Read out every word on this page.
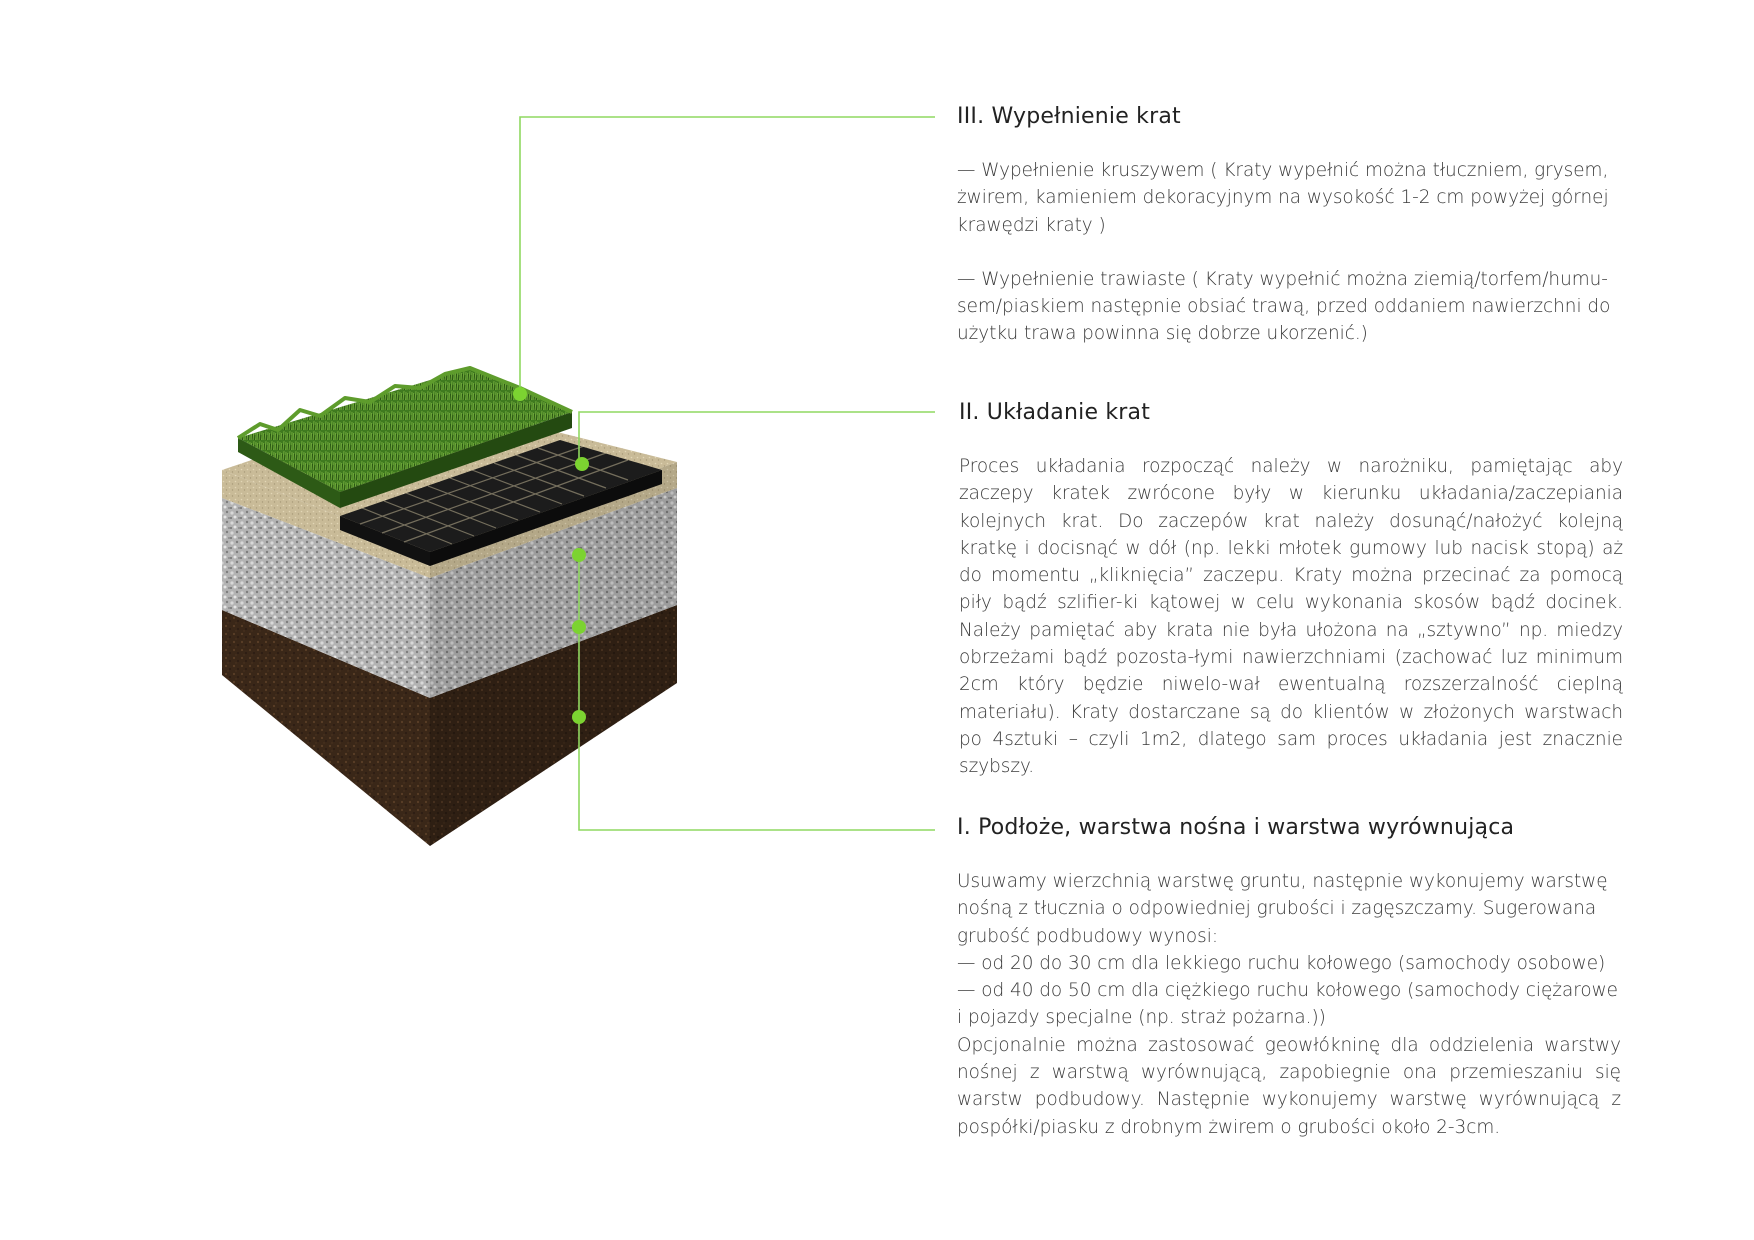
III. Wypełnienie krat

— Wypełnienie kruszywem ( Kraty wypełnić można tłuczniem, grysem, żwirem, kamieniem dekoracyjnym na wysokość 1-2 cm powyżej górnej krawędzi kraty )

— Wypełnienie trawiaste ( Kraty wypełnić można ziemią/torfem/humu-sem/piaskiem następnie obsiać trawą, przed oddaniem nawierzchni do użytku trawa powinna się dobrze ukorzenić.)

II. Układanie krat

Proces układania rozpocząć należy w narożniku, pamiętając aby zaczepy kratek zwrócone były w kierunku układania/zaczepiania kolejnych krat. Do zaczepów krat należy dosunąć/nałożyć kolejną kratkę i docisnąć w dół (np. lekki młotek gumowy lub nacisk stopą) aż do momentu „kliknięcia” zaczepu. Kraty można przecinać za pomocą piły bądź szlifier-ki kątowej w celu wykonania skosów bądź docinek. Należy pamiętać aby krata nie była ułożona na „sztywno” np. miedzy obrzeżami bądź pozosta-łymi nawierzchniami (zachować luz minimum 2cm który będzie niwelo-wał ewentualną rozszerzalność cieplną materiału). Kraty dostarczane są do klientów w złożonych warstwach po 4sztuki – czyli 1m2, dlatego sam proces układania jest znacznie szybszy.

I. Podłoże, warstwa nośna i warstwa wyrównująca

Usuwamy wierzchnią warstwę gruntu, następnie wykonujemy warstwę nośną z tłucznia o odpowiedniej grubości i zagęszczamy. Sugerowana grubość podbudowy wynosi:

— od 20 do 30 cm dla lekkiego ruchu kołowego (samochody osobowe)

— od 40 do 50 cm dla ciężkiego ruchu kołowego (samochody ciężarowe i pojazdy specjalne (np. straż pożarna.))

Opcjonalnie można zastosować geowłókninę dla oddzielenia warstwy nośnej z warstwą wyrównującą, zapobiegnie ona przemieszaniu się warstw podbudowy. Następnie wykonujemy warstwę wyrównującą z pospółki/piasku z drobnym żwirem o grubości około 2-3cm.
